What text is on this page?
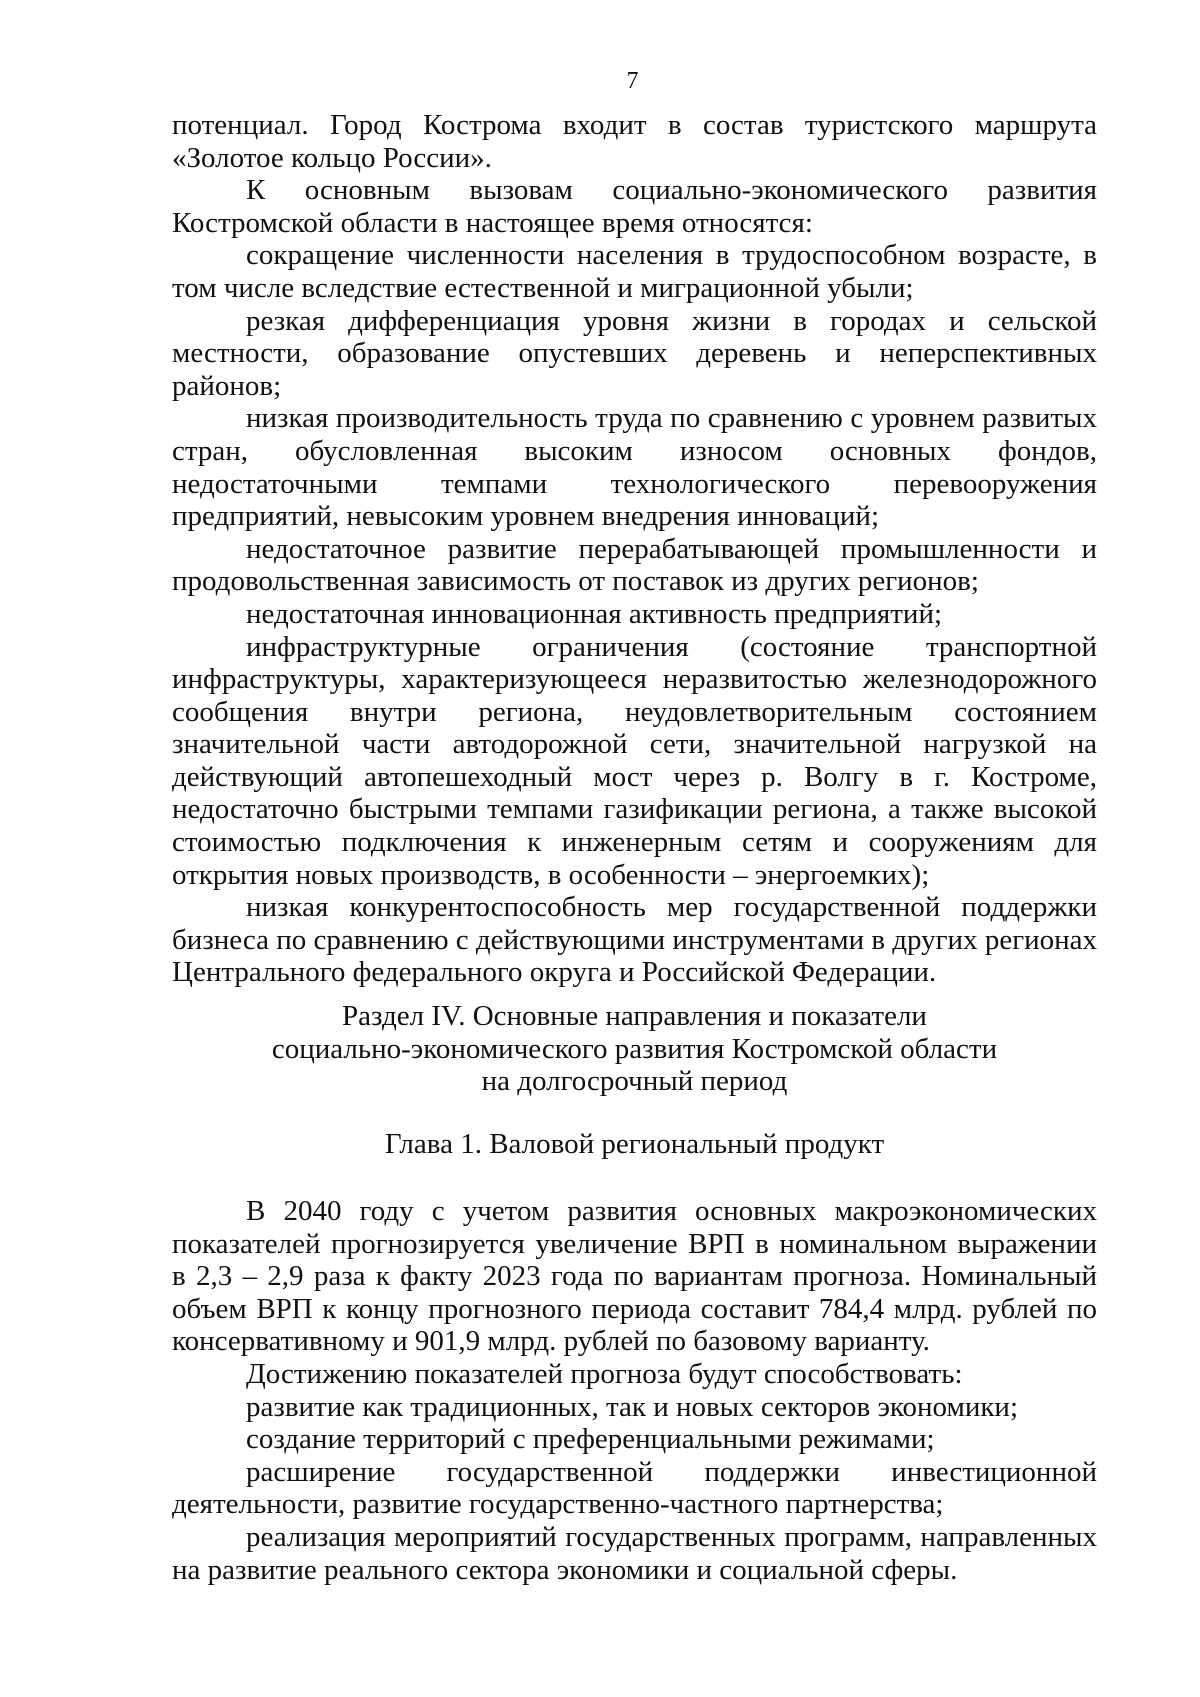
7

потенциал. Город Кострома входит в состав туристского маршрута «Золотое кольцо России».

К основным вызовам социально-экономического развития Костромской области в настоящее время относятся:

сокращение численности населения в трудоспособном возрасте, в том числе вследствие естественной и миграционной убыли;

резкая дифференциация уровня жизни в городах и сельской местности, образование опустевших деревень и неперспективных районов;

низкая производительность труда по сравнению с уровнем развитых стран, обусловленная высоким износом основных фондов, недостаточными темпами технологического перевооружения предприятий, невысоким уровнем внедрения инноваций;

недостаточное развитие перерабатывающей промышленности и продовольственная зависимость от поставок из других регионов;

недостаточная инновационная активность предприятий;

инфраструктурные ограничения (состояние транспортной инфраструктуры, характеризующееся неразвитостью железнодорожного сообщения внутри региона, неудовлетворительным состоянием значительной части автодорожной сети, значительной нагрузкой на действующий автопешеходный мост через р. Волгу в г. Костроме, недостаточно быстрыми темпами газификации региона, а также высокой стоимостью подключения к инженерным сетям и сооружениям для открытия новых производств, в особенности – энергоемких);

низкая конкурентоспособность мер государственной поддержки бизнеса по сравнению с действующими инструментами в других регионах Центрального федерального округа и Российской Федерации.

Раздел IV. Основные направления и показатели
социально-экономического развития Костромской области
на долгосрочный период
Глава 1. Валовой региональный продукт

В 2040 году с учетом развития основных макроэкономических показателей прогнозируется увеличение ВРП в номинальном выражении в 2,3 – 2,9 раза к факту 2023 года по вариантам прогноза. Номинальный объем ВРП к концу прогнозного периода составит 784,4 млрд. рублей по консервативному и 901,9 млрд. рублей по базовому варианту.

Достижению показателей прогноза будут способствовать:

развитие как традиционных, так и новых секторов экономики;

создание территорий с преференциальными режимами;

расширение государственной поддержки инвестиционной деятельности, развитие государственно-частного партнерства;

реализация мероприятий государственных программ, направленных на развитие реального сектора экономики и социальной сферы.
